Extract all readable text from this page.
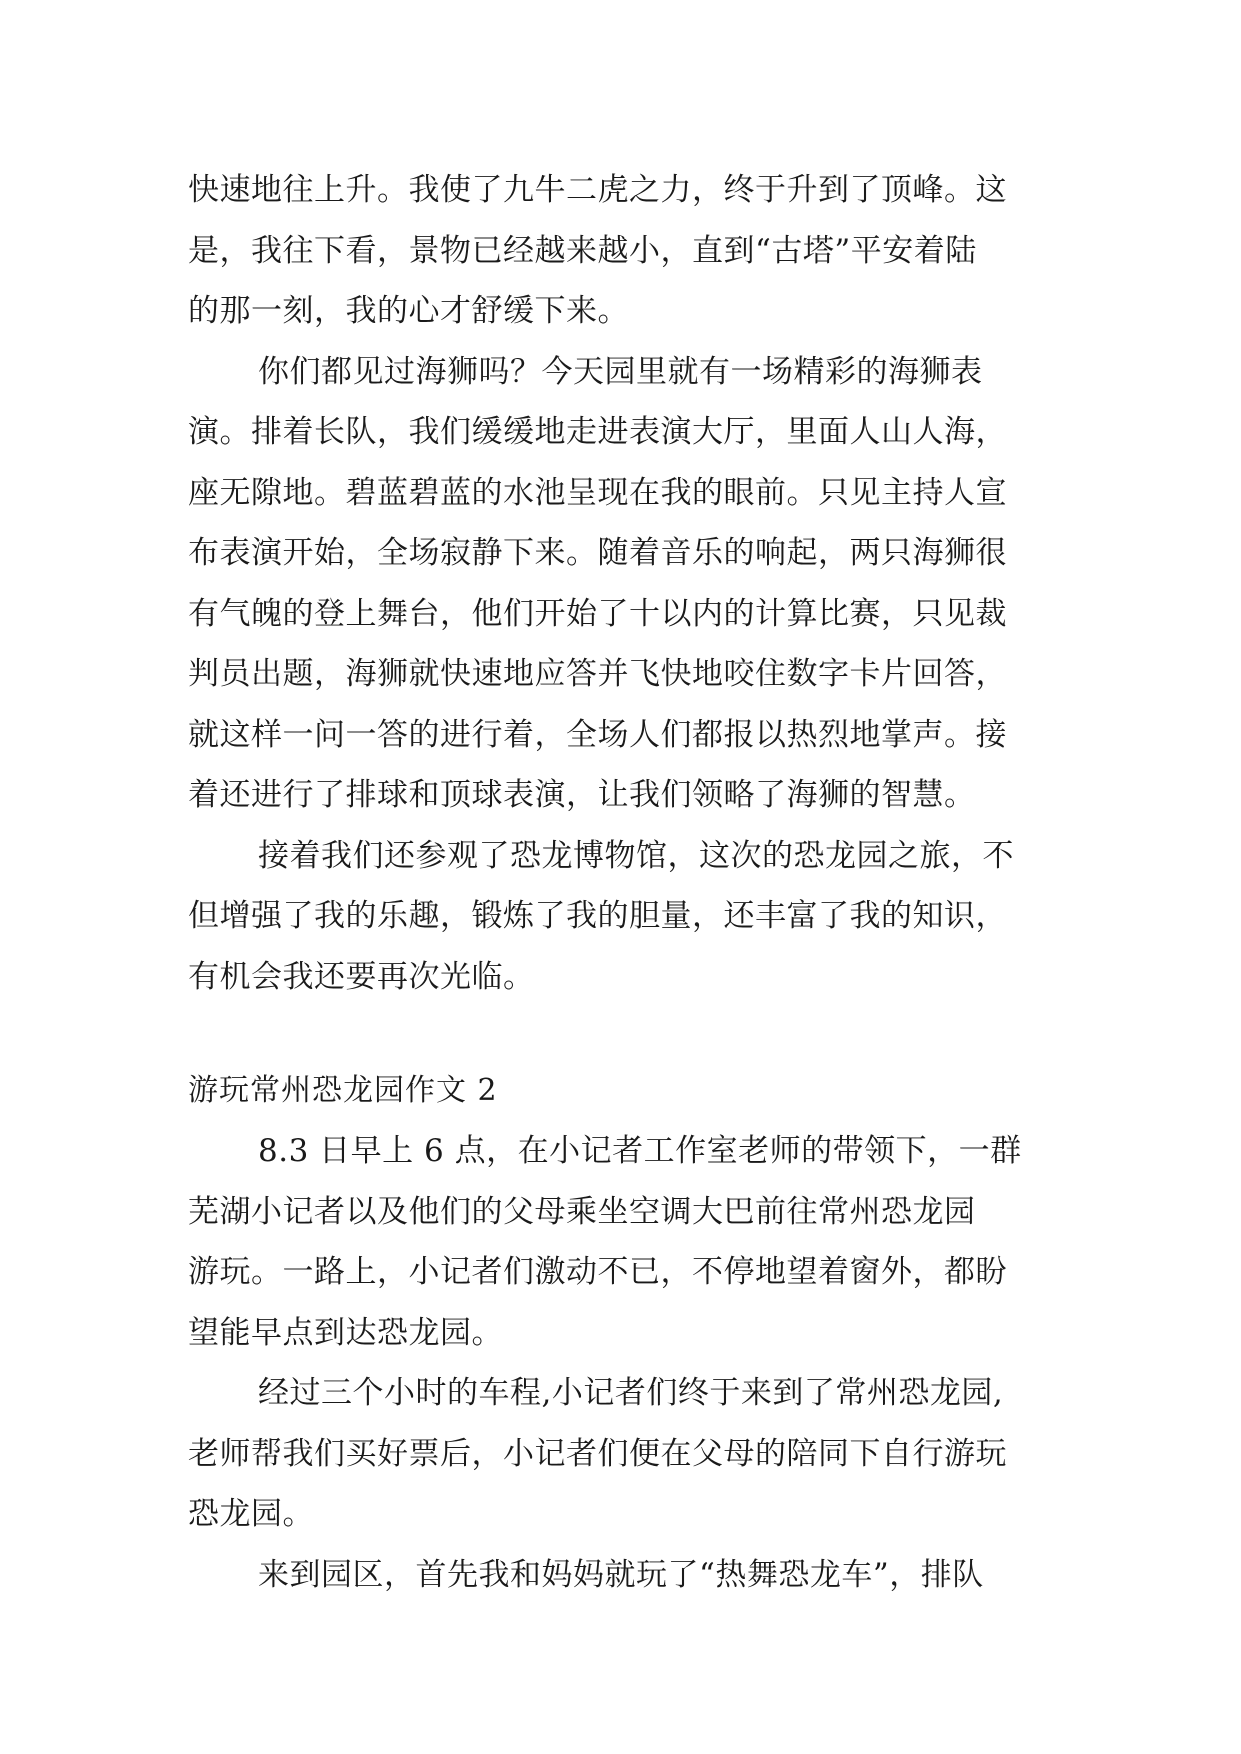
快速地往上升。我使了九牛二虎之力，终于升到了顶峰。这
是，我往下看，景物已经越来越小，直到“古塔”平安着陆
的那一刻，我的心才舒缓下来。
你们都见过海狮吗？今天园里就有一场精彩的海狮表
演。排着长队，我们缓缓地走进表演大厅，里面人山人海，
座无隙地。碧蓝碧蓝的水池呈现在我的眼前。只见主持人宣
布表演开始，全场寂静下来。随着音乐的响起，两只海狮很
有气魄的登上舞台，他们开始了十以内的计算比赛，只见裁
判员出题，海狮就快速地应答并飞快地咬住数字卡片回答，
就这样一问一答的进行着，全场人们都报以热烈地掌声。接
着还进行了排球和顶球表演，让我们领略了海狮的智慧。
接着我们还参观了恐龙博物馆，这次的恐龙园之旅，不
但增强了我的乐趣，锻炼了我的胆量，还丰富了我的知识，
有机会我还要再次光临。
游玩常州恐龙园作文 2
8.3 日早上 6 点，在小记者工作室老师的带领下，一群
芜湖小记者以及他们的父母乘坐空调大巴前往常州恐龙园
游玩。一路上，小记者们激动不已，不停地望着窗外，都盼
望能早点到达恐龙园。
经过三个小时的车程,小记者们终于来到了常州恐龙园,
老师帮我们买好票后，小记者们便在父母的陪同下自行游玩
恐龙园。
来到园区，首先我和妈妈就玩了“热舞恐龙车”，排队
